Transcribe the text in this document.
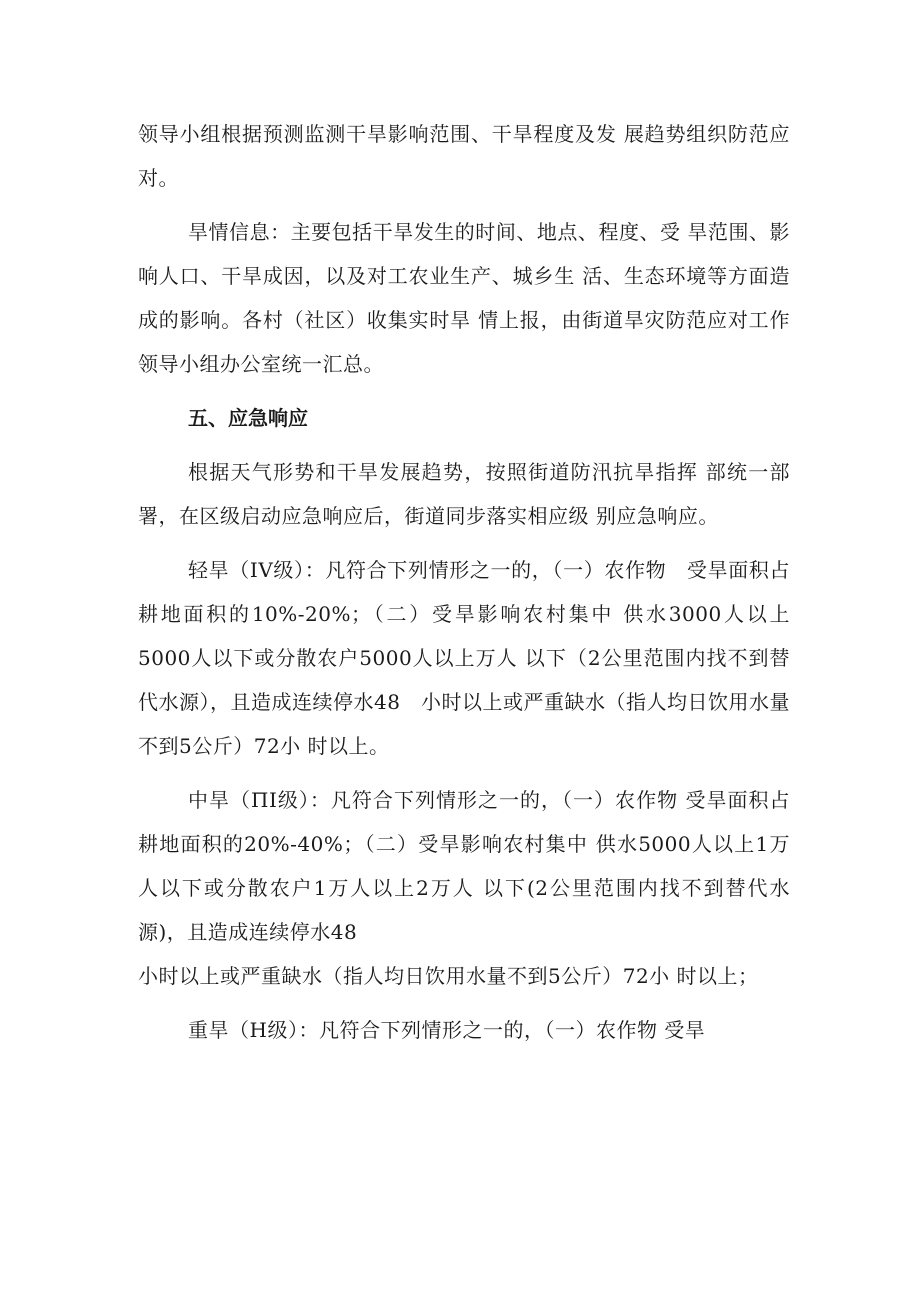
领导小组根据预测监测干旱影响范围、干旱程度及发 展趋势组织防范应对。

旱情信息：主要包括干旱发生的时间、地点、程度、受 旱范围、影响人口、干旱成因，以及对工农业生产、城乡生 活、生态环境等方面造成的影响。各村（社区）收集实时旱 情上报，由街道旱灾防范应对工作领导小组办公室统一汇总。

五、应急响应

根据天气形势和干旱发展趋势，按照街道防汛抗旱指挥 部统一部署，在区级启动应急响应后，街道同步落实相应级 别应急响应。

轻旱（IV级）：凡符合下列情形之一的，（一）农作物　受旱面积占耕地面积的10%-20%；（二）受旱影响农村集中 供水3000人以上5000人以下或分散农户5000人以上万人 以下（2公里范围内找不到替代水源），且造成连续停水48　小时以上或严重缺水（指人均日饮用水量不到5公斤）72小 时以上。

中旱（ΠI级）：凡符合下列情形之一的，（一）农作物 受旱面积占耕地面积的20%-40%；（二）受旱影响农村集中 供水5000人以上1万人以下或分散农户1万人以上2万人 以下(2公里范围内找不到替代水源)，且造成连续停水48

小时以上或严重缺水（指人均日饮用水量不到5公斤）72小 时以上；

重旱（H级）：凡符合下列情形之一的，（一）农作物 受旱
